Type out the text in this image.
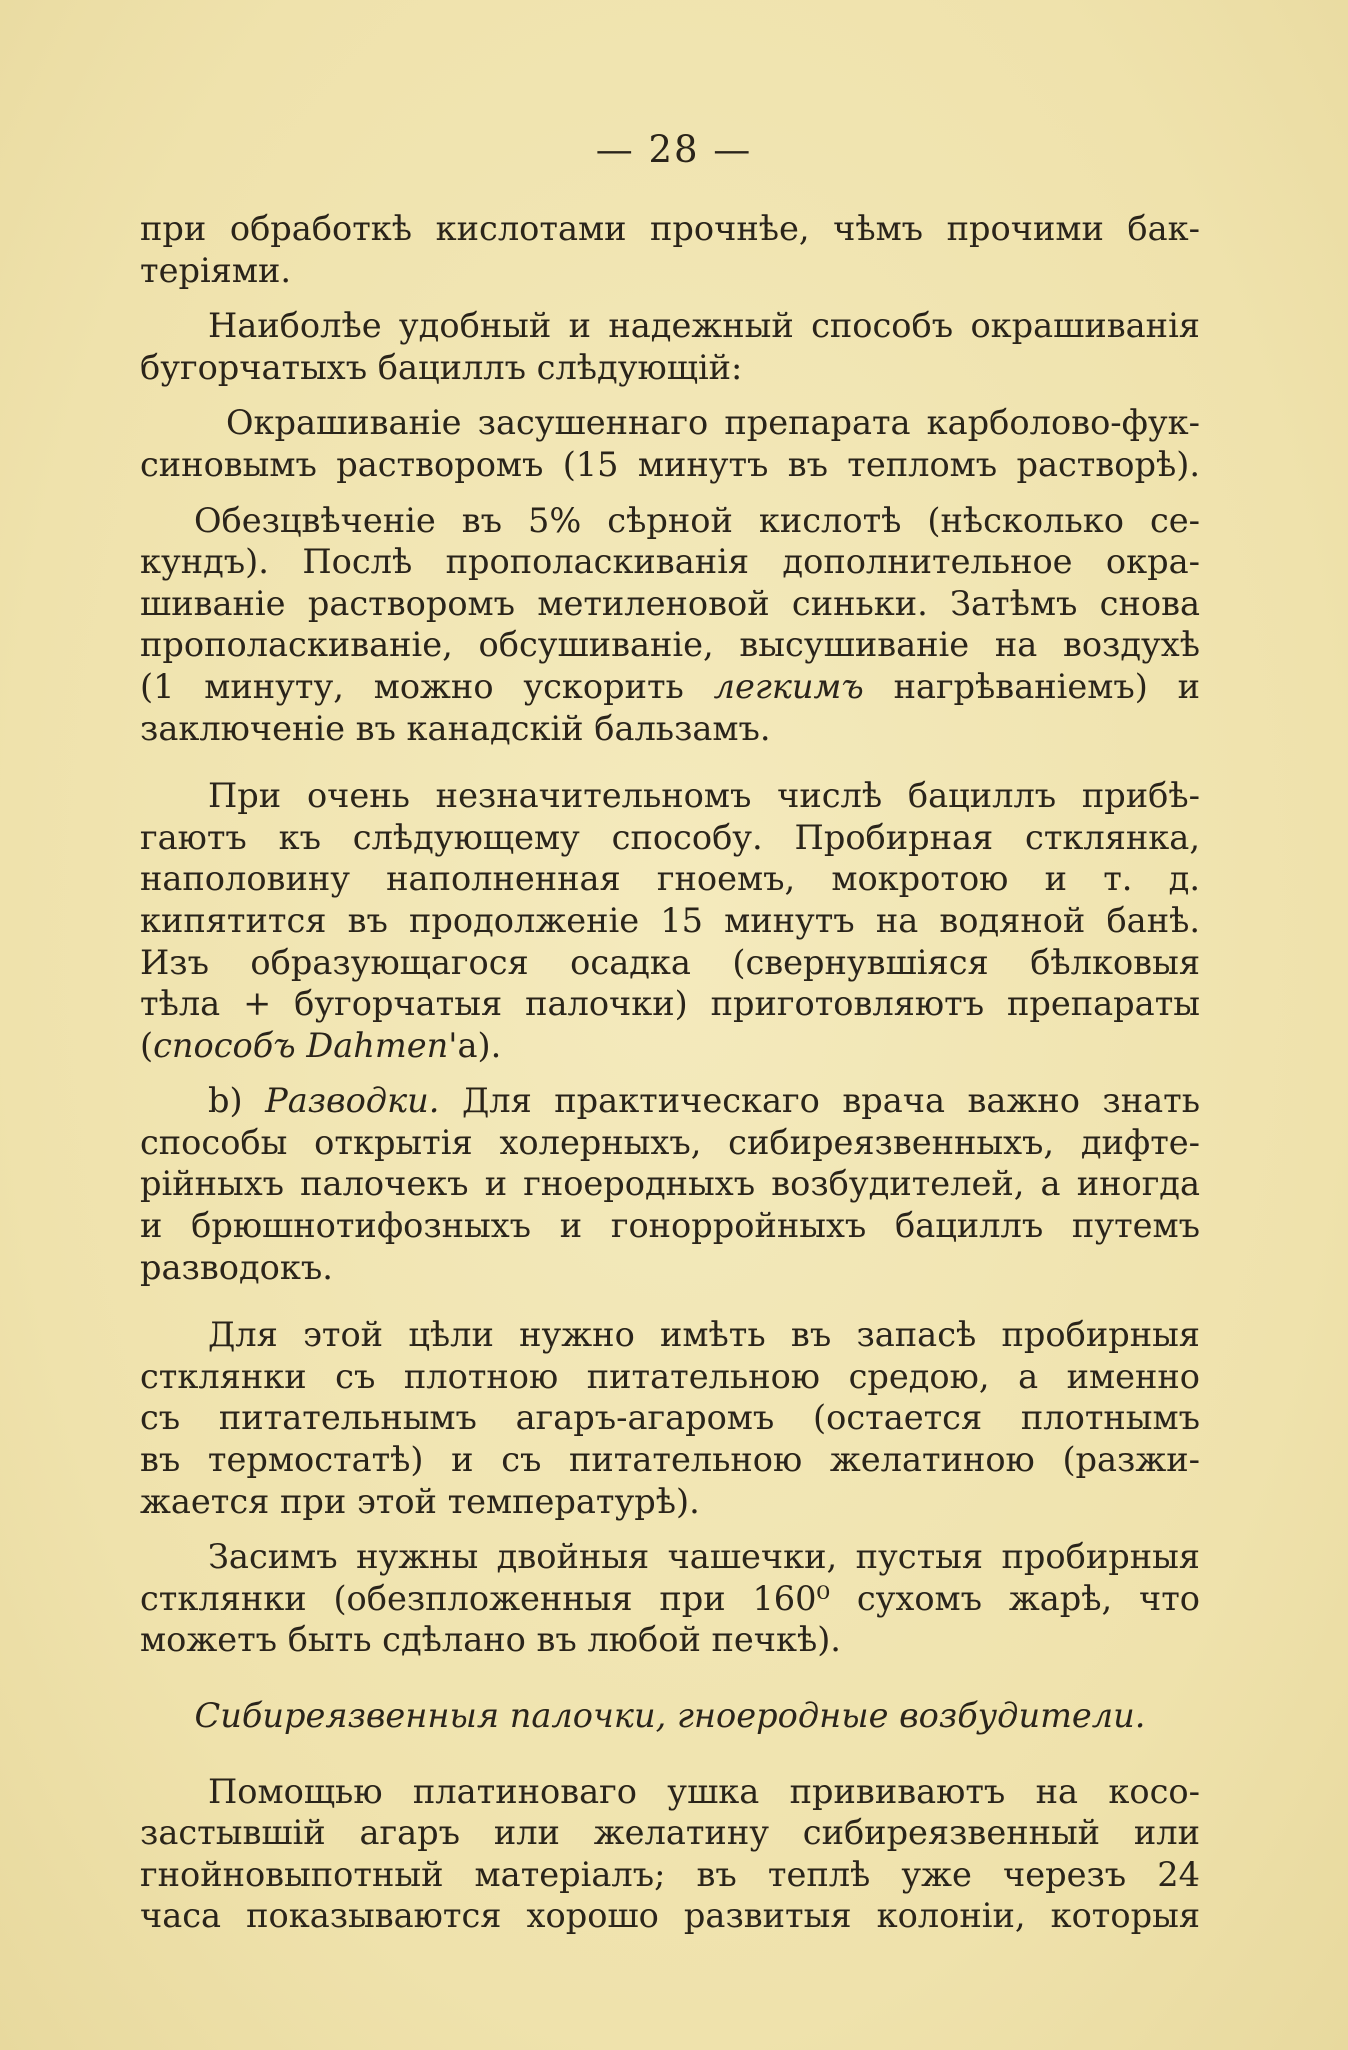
— 28 —

при обработкѣ кислотами прочнѣе, чѣмъ прочими бак-

теріями.

Наиболѣе удобный и надежный способъ окрашиванія

бугорчатыхъ бациллъ слѣдующій:

Окрашиваніе засушеннаго препарата карболово-фук-

синовымъ растворомъ (15 минутъ въ тепломъ растворѣ).

Обезцвѣченіе въ 5% сѣрной кислотѣ (нѣсколько се-

кундъ). Послѣ прополаскиванія дополнительное окра-

шиваніе растворомъ метиленовой синьки. Затѣмъ снова

прополаскиваніе, обсушиваніе, высушиваніе на воздухѣ

(1 минуту, можно ускорить легкимъ нагрѣваніемъ) и

заключеніе въ канадскій бальзамъ.

При очень незначительномъ числѣ бациллъ прибѣ-

гаютъ къ слѣдующему способу. Пробирная стклянка,

наполовину наполненная гноемъ, мокротою и т. д.

кипятится въ продолженіе 15 минутъ на водяной банѣ.

Изъ образующагося осадка (свернувшіяся бѣлковыя

тѣла + бугорчатыя палочки) приготовляютъ препараты

(способъ Dahmen'а).

b) Разводки. Для практическаго врача важно знать

способы открытія холерныхъ, сибиреязвенныхъ, дифте-

рійныхъ палочекъ и гноеродныхъ возбудителей, а иногда

и брюшнотифозныхъ и гонорройныхъ бациллъ путемъ

разводокъ.

Для этой цѣли нужно имѣть въ запасѣ пробирныя

стклянки съ плотною питательною средою, а именно

съ питательнымъ агаръ-агаромъ (остается плотнымъ

въ термостатѣ) и съ питательною желатиною (разжи-

жается при этой температурѣ).

Засимъ нужны двойныя чашечки, пустыя пробирныя

стклянки (обезпложенныя при 160⁰ сухомъ жарѣ, что

можетъ быть сдѣлано въ любой печкѣ).

Сибиреязвенныя палочки, гноеродные возбудители.

Помощью платиноваго ушка прививаютъ на косо-

застывшій агаръ или желатину сибиреязвенный или

гнойновыпотный матеріалъ; въ теплѣ уже черезъ 24

часа показываются хорошо развитыя колоніи, которыя
